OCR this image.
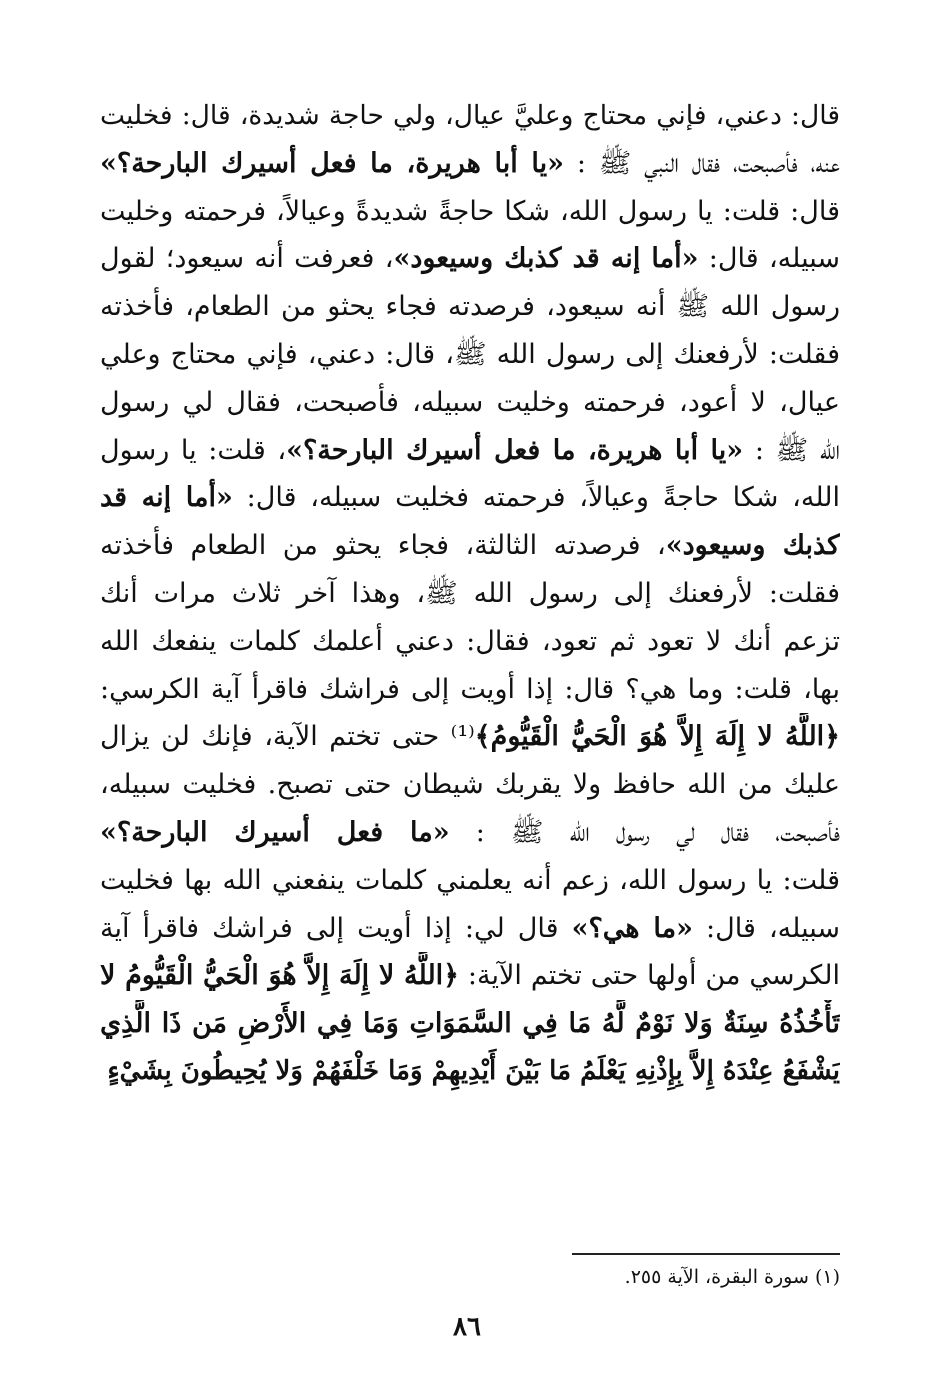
قال: دعني، فإني محتاج وعليَّ عيال، ولي حاجة شديدة، قال: فخليت
عنه، فأصبحت، فقال النبي ﷺ : «يا أبا هريرة، ما فعل أسيرك البارحة؟»
قال: قلت: يا رسول الله، شكا حاجةً شديدةً وعيالاً، فرحمته وخليت
سبيله، قال: «أما إنه قد كذبك وسيعود»، فعرفت أنه سيعود؛ لقول
رسول الله ﷺ أنه سيعود، فرصدته فجاء يحثو من الطعام، فأخذته
فقلت: لأرفعنك إلى رسول الله ﷺ، قال: دعني، فإني محتاج وعلي
عيال، لا أعود، فرحمته وخليت سبيله، فأصبحت، فقال لي رسول
الله ﷺ : «يا أبا هريرة، ما فعل أسيرك البارحة؟»، قلت: يا رسول
الله، شكا حاجةً وعيالاً، فرحمته فخليت سبيله، قال: «أما إنه قد
كذبك وسيعود»، فرصدته الثالثة، فجاء يحثو من الطعام فأخذته
فقلت: لأرفعنك إلى رسول الله ﷺ، وهذا آخر ثلاث مرات أنك
تزعم أنك لا تعود ثم تعود، فقال: دعني أعلمك كلمات ينفعك الله
بها، قلت: وما هي؟ قال: إذا أويت إلى فراشك فاقرأ آية الكرسي:
﴿اللَّهُ لا إِلَهَ إِلاَّ هُوَ الْحَيُّ الْقَيُّومُ﴾⁽¹⁾ حتى تختم الآية، فإنك لن يزال
عليك من الله حافظ ولا يقربك شيطان حتى تصبح. فخليت سبيله،
فأصبحت، فقال لي رسول الله ﷺ : «ما فعل أسيرك البارحة؟»
قلت: يا رسول الله، زعم أنه يعلمني كلمات ينفعني الله بها فخليت
سبيله، قال: «ما هي؟» قال لي: إذا أويت إلى فراشك فاقرأ آية
الكرسي من أولها حتى تختم الآية: ﴿اللَّهُ لا إِلَهَ إِلاَّ هُوَ الْحَيُّ الْقَيُّومُ لا
تَأْخُذُهُ سِنَةٌ وَلا نَوْمٌ لَّهُ مَا فِي السَّمَوَاتِ وَمَا فِي الأَرْضِ مَن ذَا الَّذِي
يَشْفَعُ عِنْدَهُ إِلاَّ بِإِذْنِهِ يَعْلَمُ مَا بَيْنَ أَيْدِيهِمْ وَمَا خَلْفَهُمْ وَلا يُحِيطُونَ بِشَيْءٍ
(١) سورة البقرة، الآية ٢٥٥.
٨٦
